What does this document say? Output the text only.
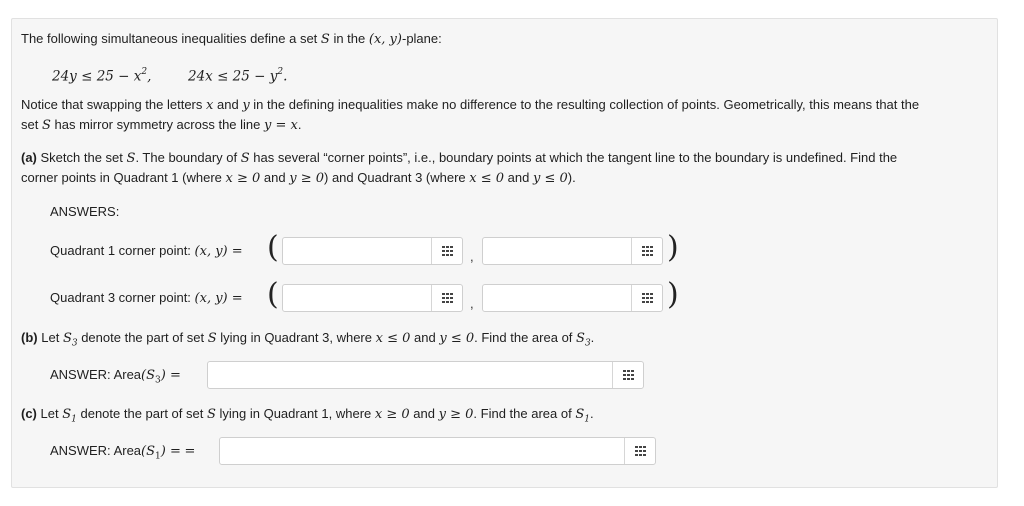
The following simultaneous inequalities define a set S in the (x, y)-plane:
$24y \le 25 - x^2$,	$24x \le 25 - y^2$.
Notice that swapping the letters x and y in the defining inequalities make no difference to the resulting collection of points. Geometrically, this means that the
set S has mirror symmetry across the line y = x.
(a) Sketch the set S. The boundary of S has several “corner points”, i.e., boundary points at which the tangent line to the boundary is undefined. Find the
corner points in Quadrant 1 (where x ≥ 0 and y ≥ 0) and Quadrant 3 (where x ≤ 0 and y ≤ 0).
ANSWERS:
Quadrant 1 corner point: (x, y) = (	,	)
Quadrant 3 corner point: (x, y) = (	,	)
(b) Let $S_3$ denote the part of set S lying in Quadrant 3, where x ≤ 0 and y ≤ 0. Find the area of $S_3$.
ANSWER: $Area(S_3)$ =
(c) Let $S_1$ denote the part of set S lying in Quadrant 1, where x ≥ 0 and y ≥ 0. Find the area of $S_1$.
ANSWER: $Area(S_1)$ = =
